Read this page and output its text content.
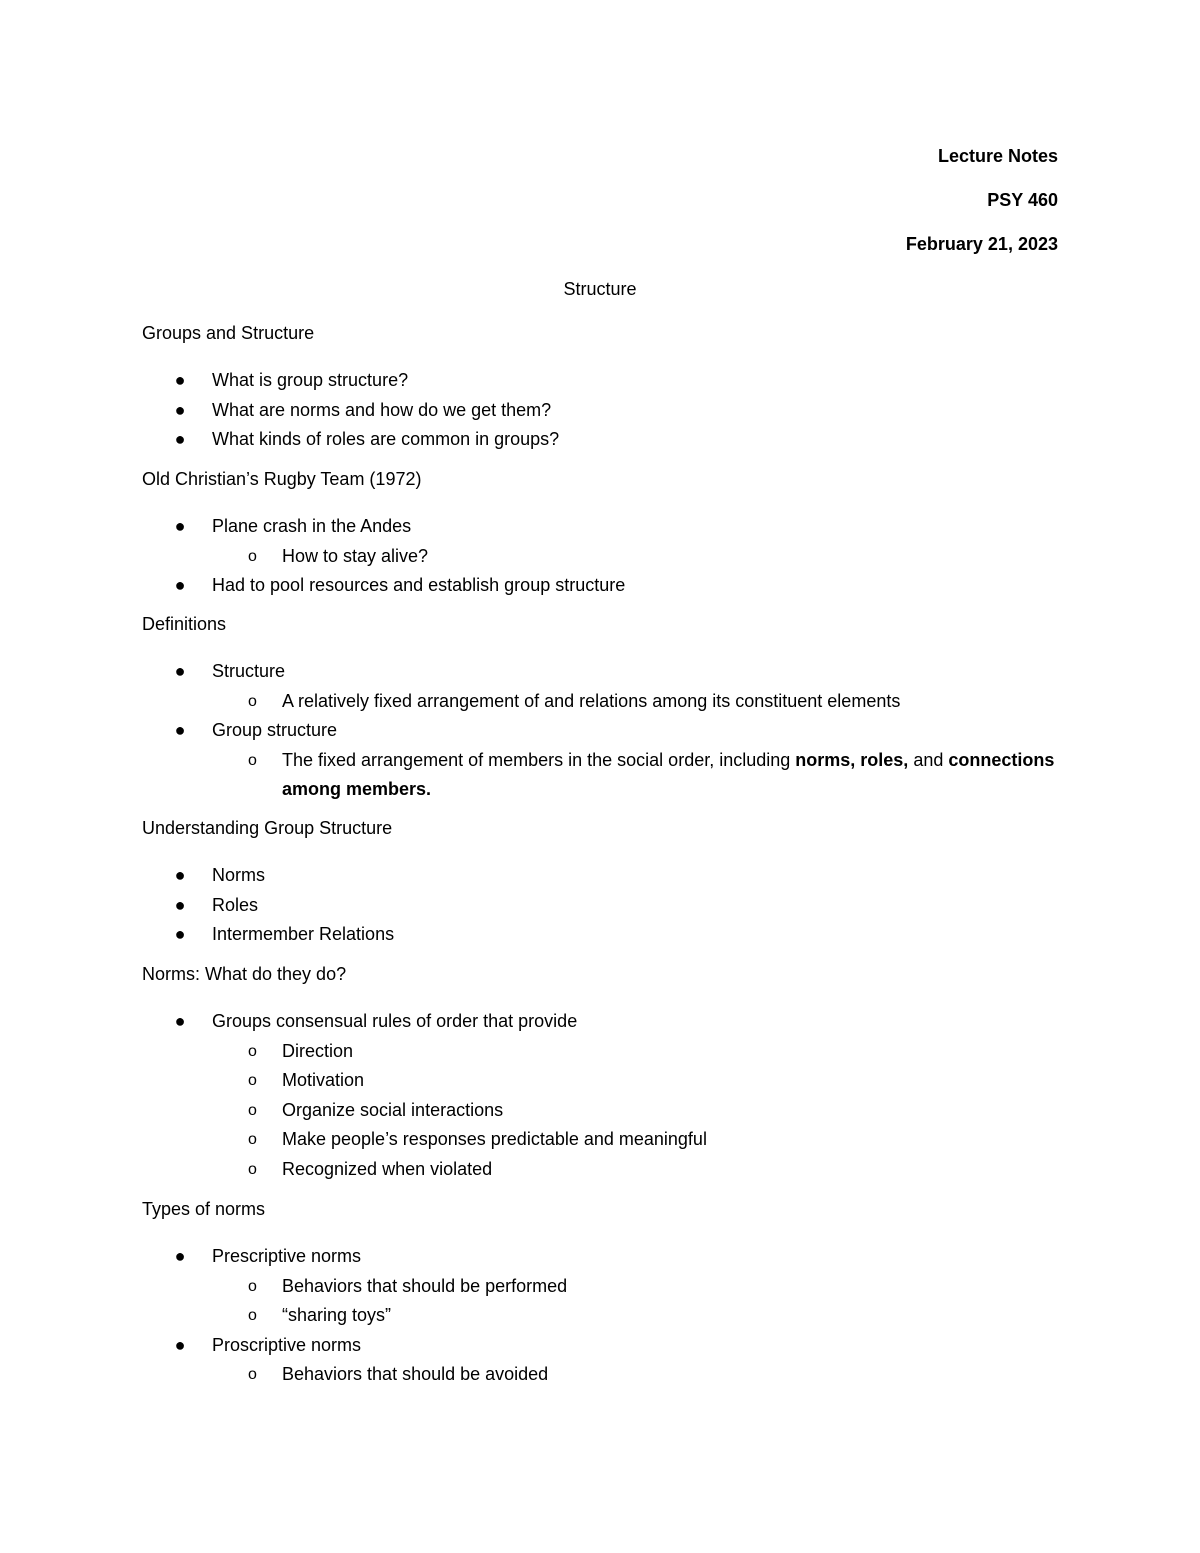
Lecture Notes
PSY 460
February 21, 2023
Structure

Groups and Structure

● What is group structure?
● What are norms and how do we get them?
● What kinds of roles are common in groups?

Old Christian’s Rugby Team (1972)

● Plane crash in the Andes
o How to stay alive?
● Had to pool resources and establish group structure

Definitions

● Structure
o A relatively fixed arrangement of and relations among its constituent elements
● Group structure
o The fixed arrangement of members in the social order, including norms, roles, and connections among members.

Understanding Group Structure

● Norms
● Roles
● Intermember Relations

Norms: What do they do?

● Groups consensual rules of order that provide
o Direction
o Motivation
o Organize social interactions
o Make people’s responses predictable and meaningful
o Recognized when violated

Types of norms

● Prescriptive norms
o Behaviors that should be performed
o “sharing toys”
● Proscriptive norms
o Behaviors that should be avoided
